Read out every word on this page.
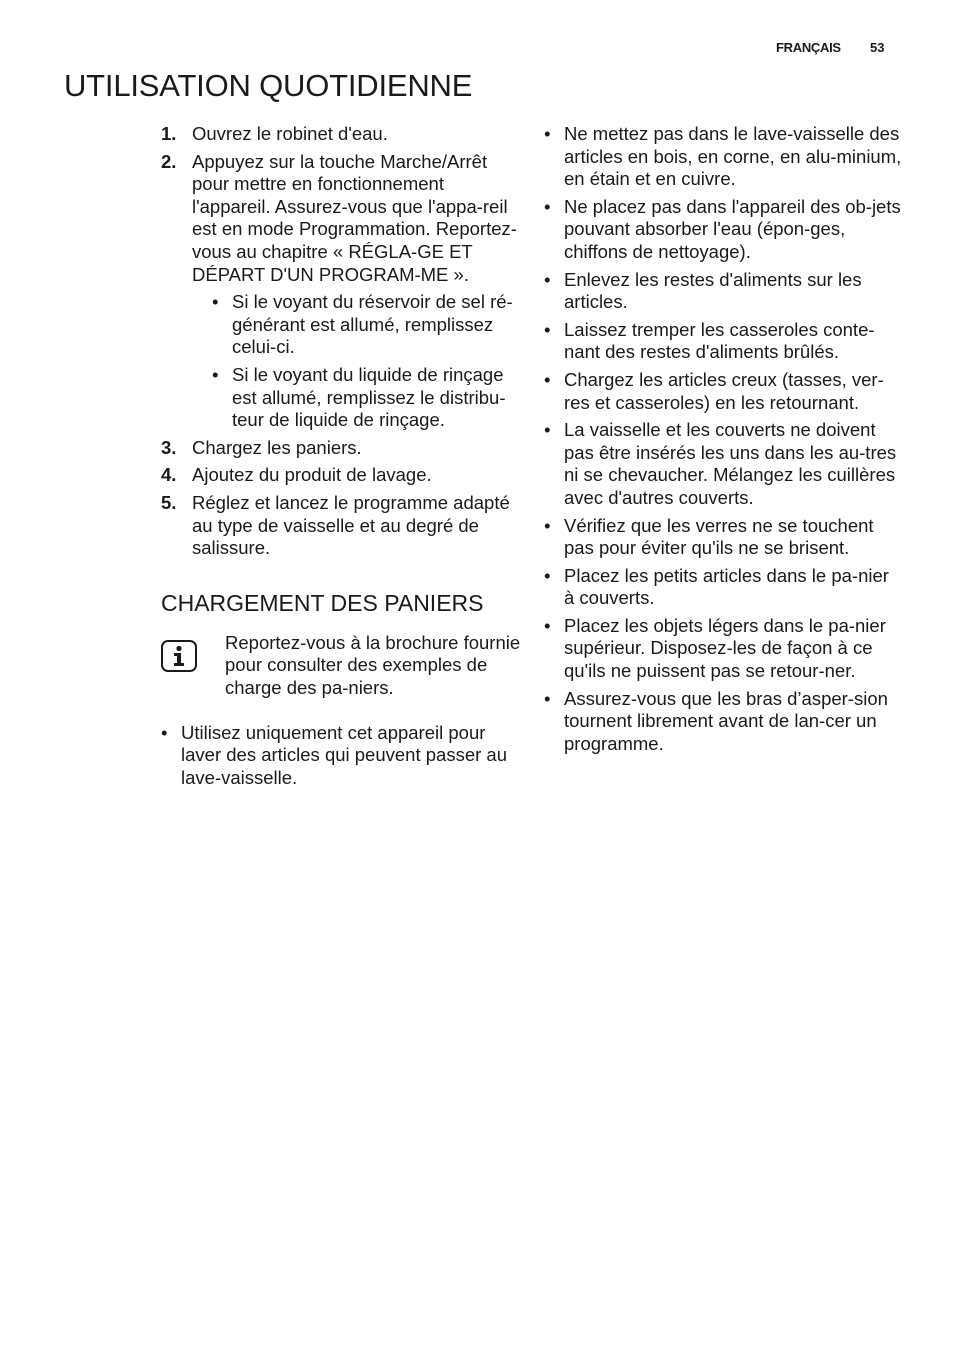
FRANÇAIS 53
UTILISATION QUOTIDIENNE
1. Ouvrez le robinet d'eau.
2. Appuyez sur la touche Marche/Arrêt pour mettre en fonctionnement l'appareil. Assurez-vous que l'appa-reil est en mode Programmation. Reportez-vous au chapitre « RÉGLA-GE ET DÉPART D'UN PROGRAM-ME ».
• Si le voyant du réservoir de sel ré-générant est allumé, remplissez celui-ci.
• Si le voyant du liquide de rinçage est allumé, remplissez le distribu-teur de liquide de rinçage.
3. Chargez les paniers.
4. Ajoutez du produit de lavage.
5. Réglez et lancez le programme adapté au type de vaisselle et au degré de salissure.
CHARGEMENT DES PANIERS
Reportez-vous à la brochure fournie pour consulter des exemples de charge des pa-niers.
• Utilisez uniquement cet appareil pour laver des articles qui peuvent passer au lave-vaisselle.
• Ne mettez pas dans le lave-vaisselle des articles en bois, en corne, en alu-minium, en étain et en cuivre.
• Ne placez pas dans l'appareil des ob-jets pouvant absorber l'eau (épon-ges, chiffons de nettoyage).
• Enlevez les restes d'aliments sur les articles.
• Laissez tremper les casseroles conte-nant des restes d'aliments brûlés.
• Chargez les articles creux (tasses, ver-res et casseroles) en les retournant.
• La vaisselle et les couverts ne doivent pas être insérés les uns dans les au-tres ni se chevaucher. Mélangez les cuillères avec d'autres couverts.
• Vérifiez que les verres ne se touchent pas pour éviter qu'ils ne se brisent.
• Placez les petits articles dans le pa-nier à couverts.
• Placez les objets légers dans le pa-nier supérieur. Disposez-les de façon à ce qu'ils ne puissent pas se retour-ner.
• Assurez-vous que les bras d’asper-sion tournent librement avant de lan-cer un programme.
